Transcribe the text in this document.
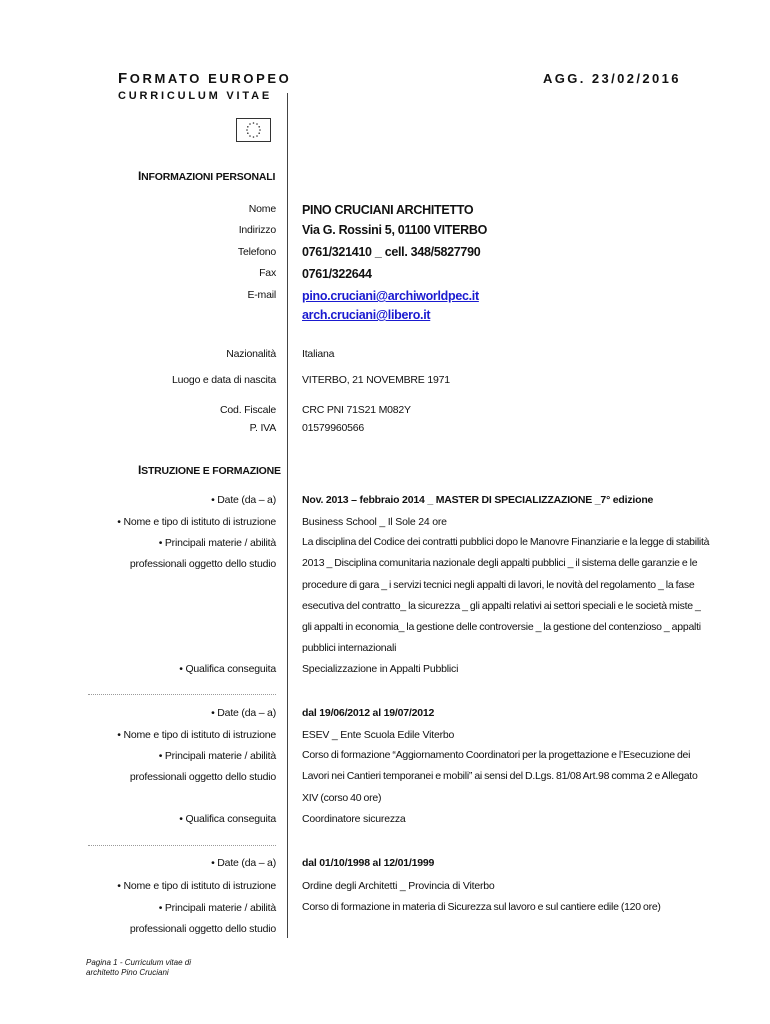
FORMATO EUROPEO
CURRICULUM VITAE
AGG. 23/02/2016
INFORMAZIONI PERSONALI
Nome PINO CRUCIANI ARCHITETTO
Indirizzo Via G. Rossini 5, 01100 VITERBO
Telefono 0761/321410 _ cell. 348/5827790
Fax 0761/322644
E-mail pino.cruciani@archiworldpec.it
arch.cruciani@libero.it
Nazionalità Italiana
Luogo e data di nascita VITERBO, 21 NOVEMBRE 1971
Cod. Fiscale CRC PNI 71S21 M082Y
P. IVA 01579960566
ISTRUZIONE E FORMAZIONE
• Date (da – a) Nov. 2013 – febbraio 2014 _ MASTER DI SPECIALIZZAZIONE _7° edizione
• Nome e tipo di istituto di istruzione Business School _ Il Sole 24 ore
• Principali materie / abilità
professionali oggetto dello studio
La disciplina del Codice dei contratti pubblici dopo le Manovre Finanziarie e la legge di stabilità 2013 _ Disciplina comunitaria nazionale degli appalti pubblici _ il sistema delle garanzie e le procedure di gara _ i servizi tecnici negli appalti di lavori, le novità del regolamento _ la fase esecutiva del contratto_ la sicurezza _ gli appalti relativi ai settori speciali e le società miste _ gli appalti in economia_ la gestione delle controversie _ la gestione del contenzioso _ appalti pubblici internazionali
• Qualifica conseguita Specializzazione in Appalti Pubblici
• Date (da – a) dal 19/06/2012 al 19/07/2012
• Nome e tipo di istituto di istruzione ESEV _ Ente Scuola Edile Viterbo
• Principali materie / abilità
professionali oggetto dello studio
Corso di formazione “Aggiornamento Coordinatori per la progettazione e l’Esecuzione dei Lavori nei Cantieri temporanei e mobili” ai sensi del D.Lgs. 81/08 Art.98 comma 2 e Allegato XIV (corso 40 ore)
• Qualifica conseguita Coordinatore sicurezza
• Date (da – a) dal 01/10/1998 al 12/01/1999
• Nome e tipo di istituto di istruzione Ordine degli Architetti _ Provincia di Viterbo
• Principali materie / abilità
professionali oggetto dello studio
Corso di formazione in materia di Sicurezza sul lavoro e sul cantiere edile (120 ore)
Pagina 1 - Curriculum vitae di
architetto Pino Cruciani
